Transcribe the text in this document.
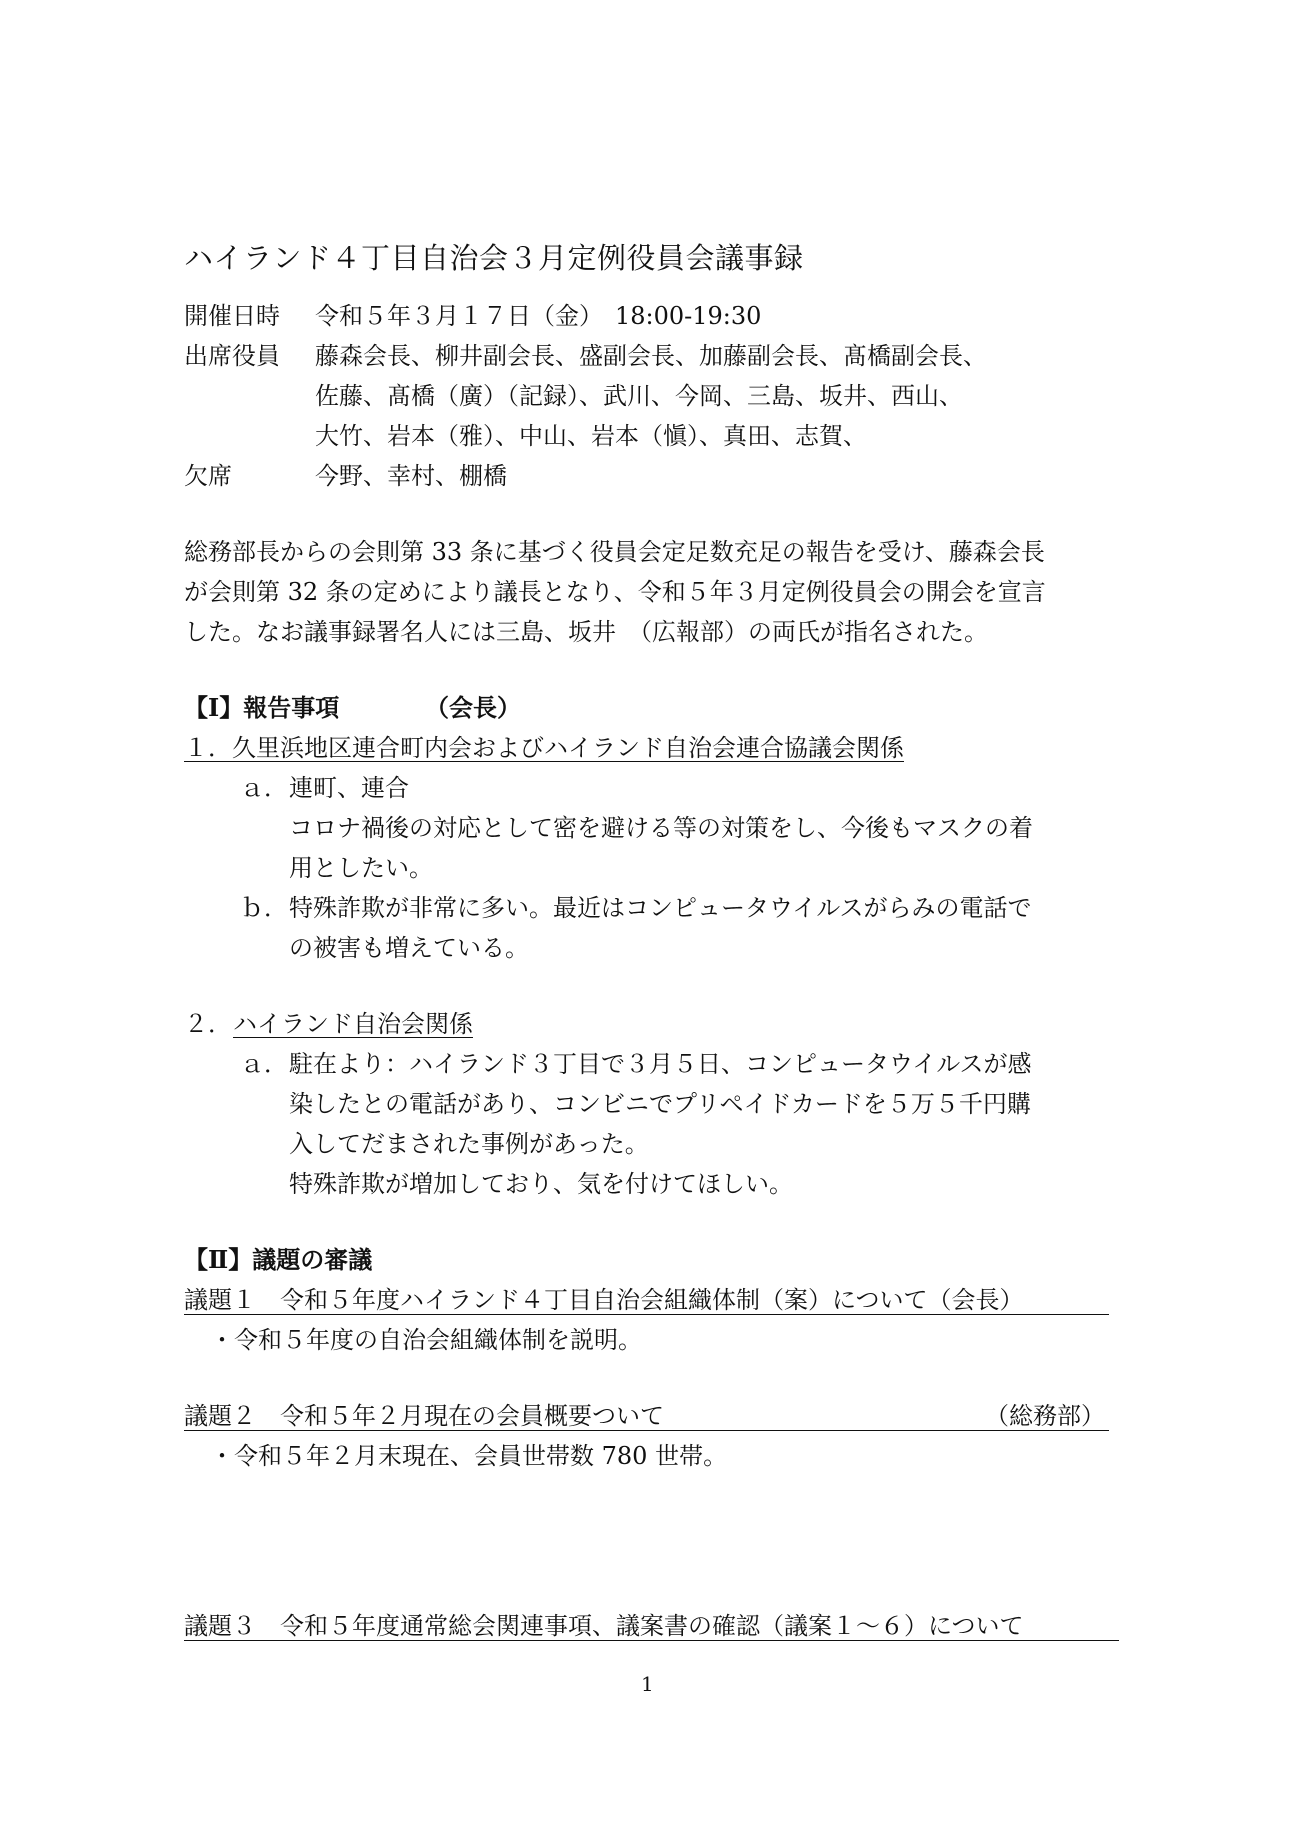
ハイランド４丁目自治会３月定例役員会議事録
開催日時 令和５年３月１７日（金）　18:00-19:30
出席役員 藤森会長、柳井副会長、盛副会長、加藤副会長、髙橋副会長、
佐藤、髙橋（廣）（記録）、武川、今岡、三島、坂井、西山、
大竹、岩本（雅）、中山、岩本（愼）、真田、志賀、
欠席	今野、幸村、棚橋
総務部長からの会則第 33 条に基づく役員会定足数充足の報告を受け、藤森会長
が会則第 32 条の定めにより議長となり、令和５年３月定例役員会の開会を宣言
した。なお議事録署名人には三島、坂井　（広報部）の両氏が指名された。
【Ⅰ】報告事項	（会長）
１．久里浜地区連合町内会およびハイランド自治会連合協議会関係
ａ． 連町、連合
コロナ禍後の対応として密を避ける等の対策をし、今後もマスクの着
用としたい。
ｂ． 特殊詐欺が非常に多い。最近はコンピュータウイルスがらみの電話で
の被害も増えている。
２． ハイランド自治会関係
ａ． 駐在より：ハイランド３丁目で３月５日、コンピュータウイルスが感
染したとの電話があり、コンビニでプリペイドカードを５万５千円購
入してだまされた事例があった。
特殊詐欺が増加しており、気を付けてほしい。
【Ⅱ】議題の審議
議題１　令和５年度ハイランド４丁目自治会組織体制（案）について（会長）
・令和５年度の自治会組織体制を説明。
議題２　令和５年２月現在の会員概要ついて	（総務部）
・令和５年２月末現在、会員世帯数 780 世帯。
議題３　令和５年度通常総会関連事項、議案書の確認（議案１～６）について
1
